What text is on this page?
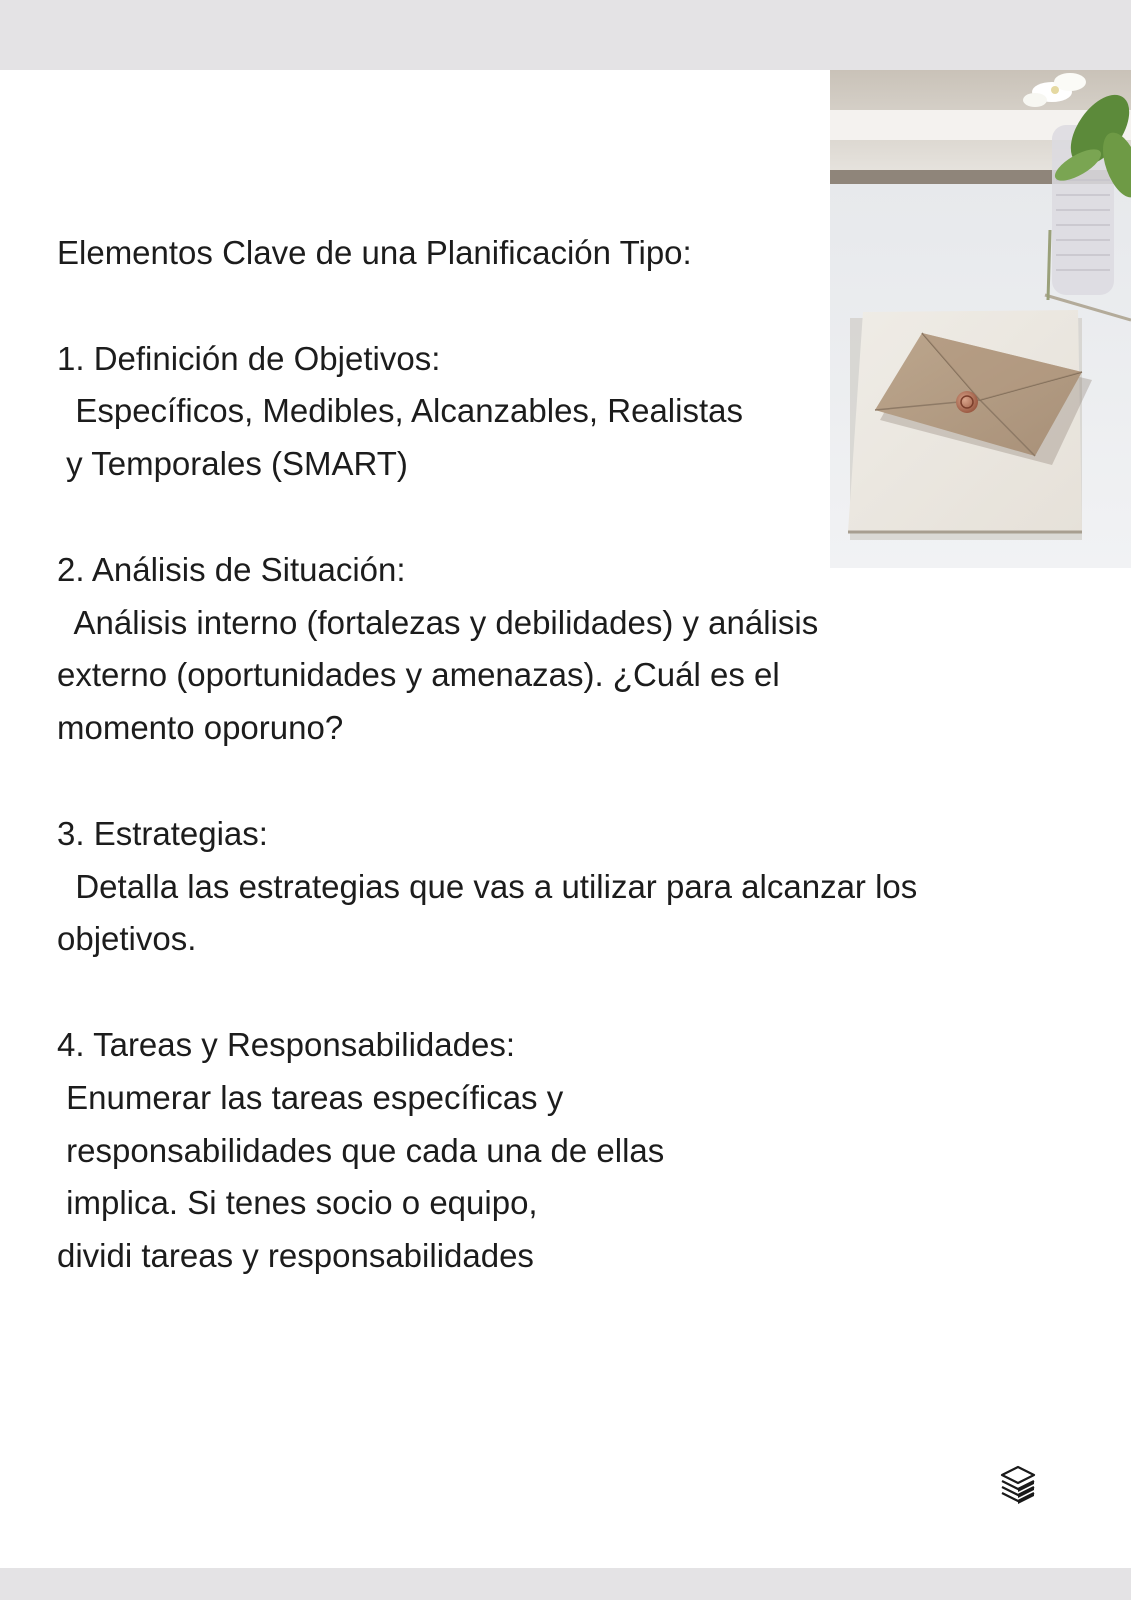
Elementos Clave de una Planificación Tipo:
1. Definición de Objetivos:
Específicos, Medibles, Alcanzables, Realistas
y Temporales (SMART)
2. Análisis de Situación:
Análisis interno (fortalezas y debilidades) y análisis
externo (oportunidades y amenazas). ¿Cuál es el
momento oporuno?
3. Estrategias:
Detalla las estrategias que vas a utilizar para alcanzar los
objetivos.
4. Tareas y Responsabilidades:
Enumerar las tareas específicas y
responsabilidades que cada una de ellas
implica. Si tenes socio o equipo,
dividi tareas y responsabilidades
